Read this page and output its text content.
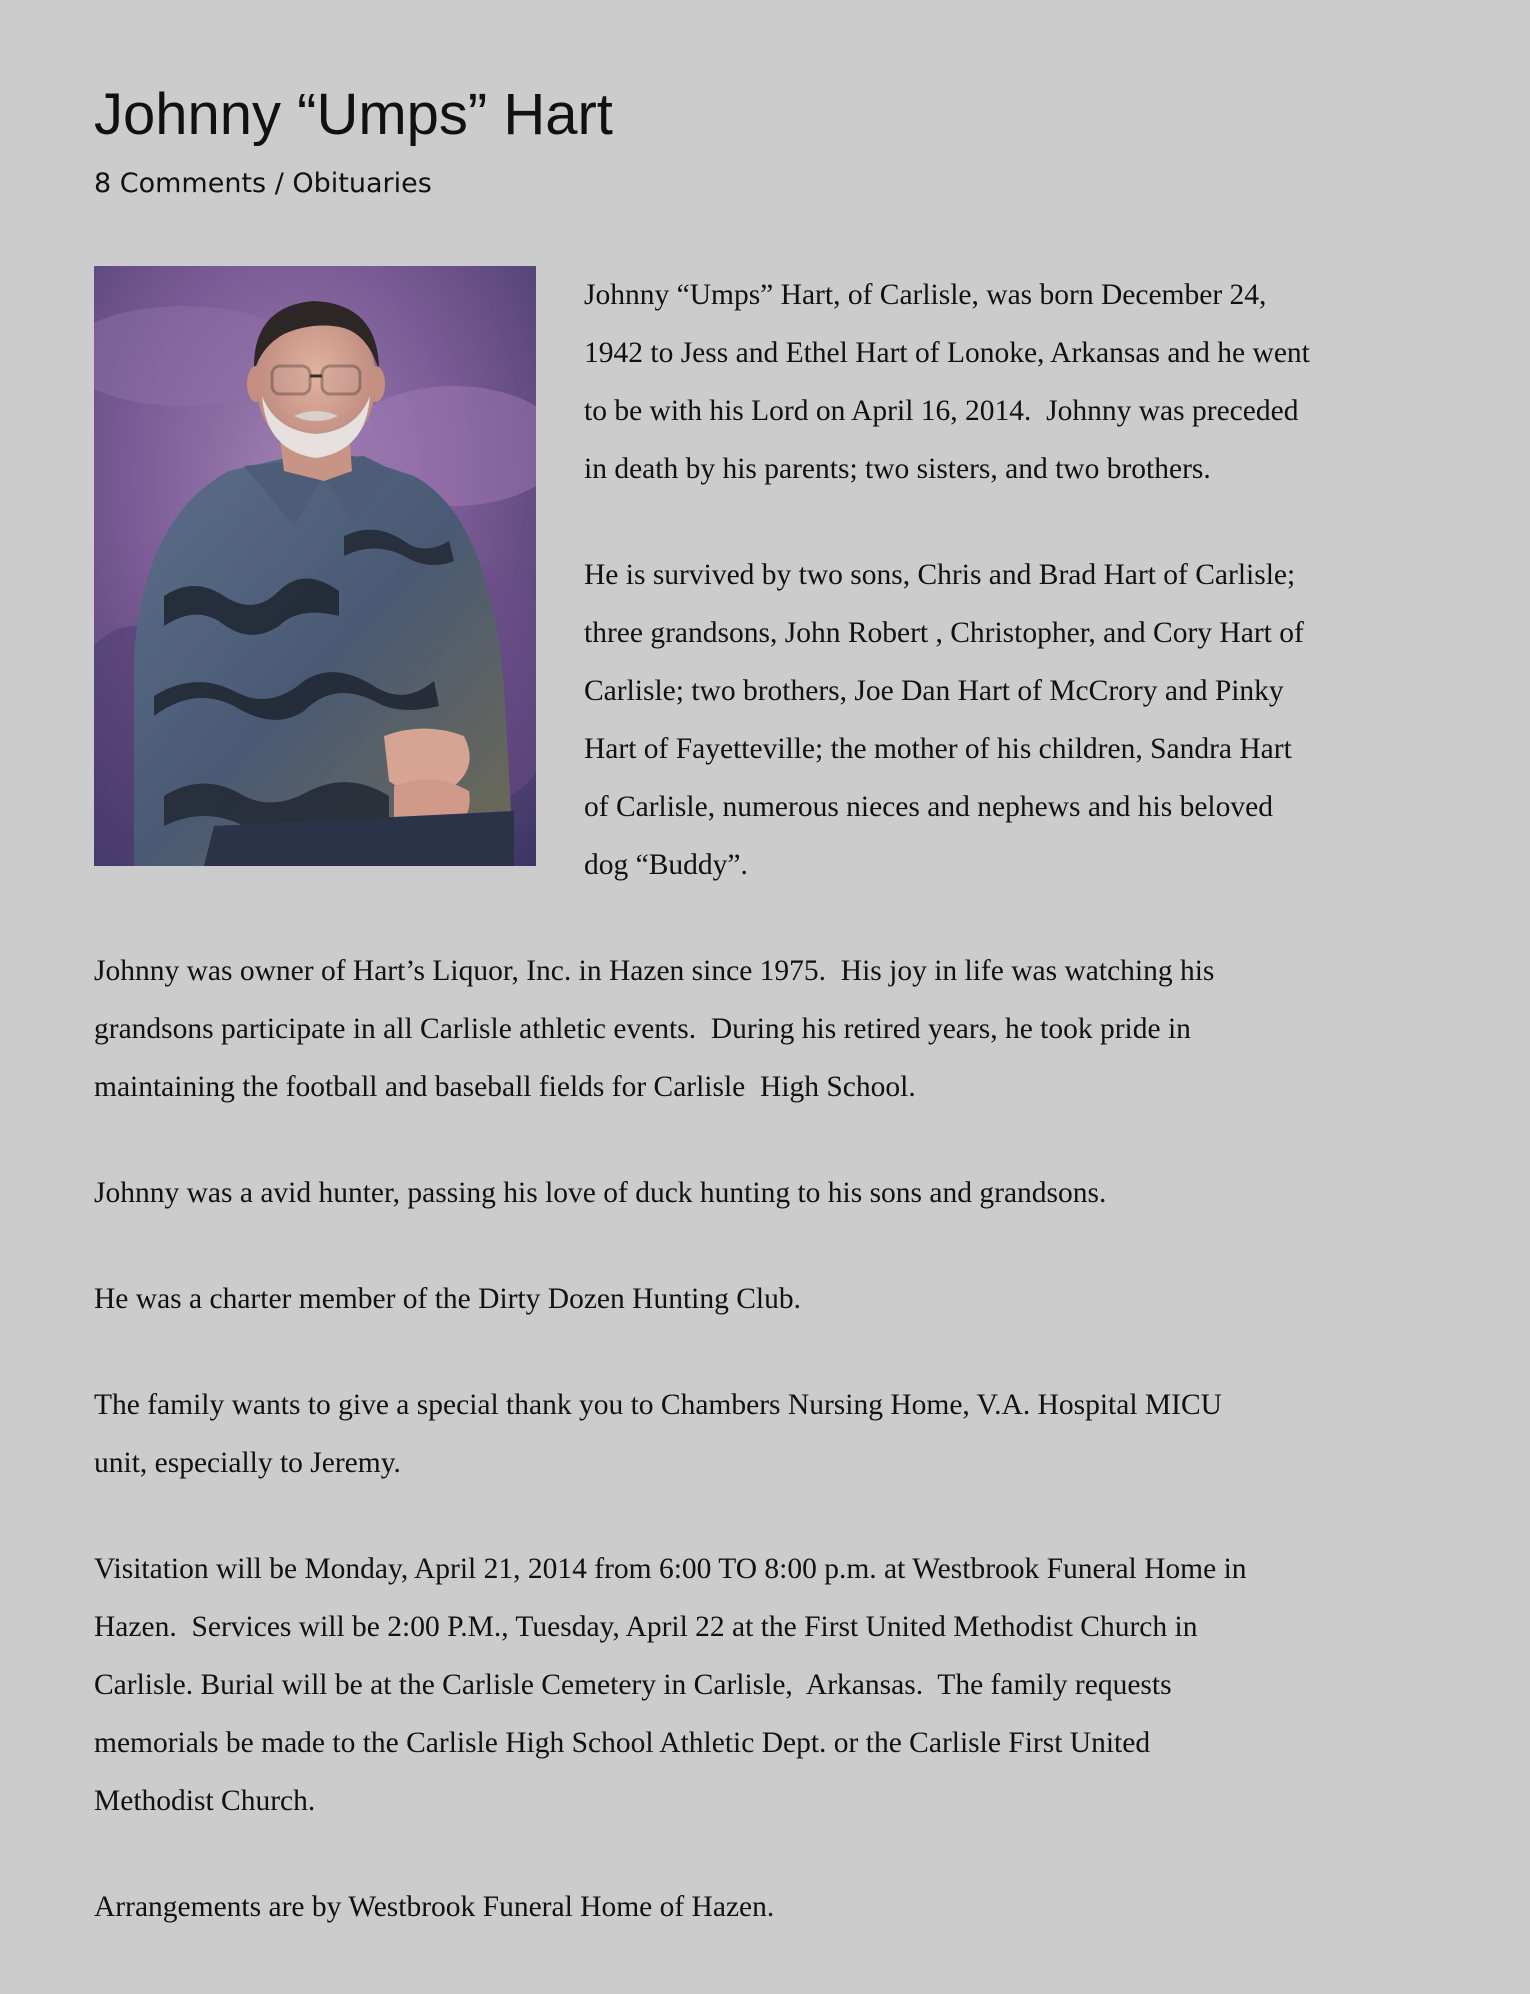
Johnny “Umps” Hart
8 Comments / Obituaries

Johnny “Umps” Hart, of Carlisle, was born December 24,
1942 to Jess and Ethel Hart of Lonoke, Arkansas and he went
to be with his Lord on April 16, 2014.  Johnny was preceded
in death by his parents; two sisters, and two brothers.

He is survived by two sons, Chris and Brad Hart of Carlisle;
three grandsons, John Robert , Christopher, and Cory Hart of
Carlisle; two brothers, Joe Dan Hart of McCrory and Pinky
Hart of Fayetteville; the mother of his children, Sandra Hart
of Carlisle, numerous nieces and nephews and his beloved
dog “Buddy”.

Johnny was owner of Hart’s Liquor, Inc. in Hazen since 1975.  His joy in life was watching his
grandsons participate in all Carlisle athletic events.  During his retired years, he took pride in
maintaining the football and baseball fields for Carlisle  High School.

Johnny was a avid hunter, passing his love of duck hunting to his sons and grandsons.

He was a charter member of the Dirty Dozen Hunting Club.

The family wants to give a special thank you to Chambers Nursing Home, V.A. Hospital MICU
unit, especially to Jeremy.

Visitation will be Monday, April 21, 2014 from 6:00 TO 8:00 p.m. at Westbrook Funeral Home in
Hazen.  Services will be 2:00 P.M., Tuesday, April 22 at the First United Methodist Church in
Carlisle. Burial will be at the Carlisle Cemetery in Carlisle,  Arkansas.  The family requests
memorials be made to the Carlisle High School Athletic Dept. or the Carlisle First United
Methodist Church.

Arrangements are by Westbrook Funeral Home of Hazen.
